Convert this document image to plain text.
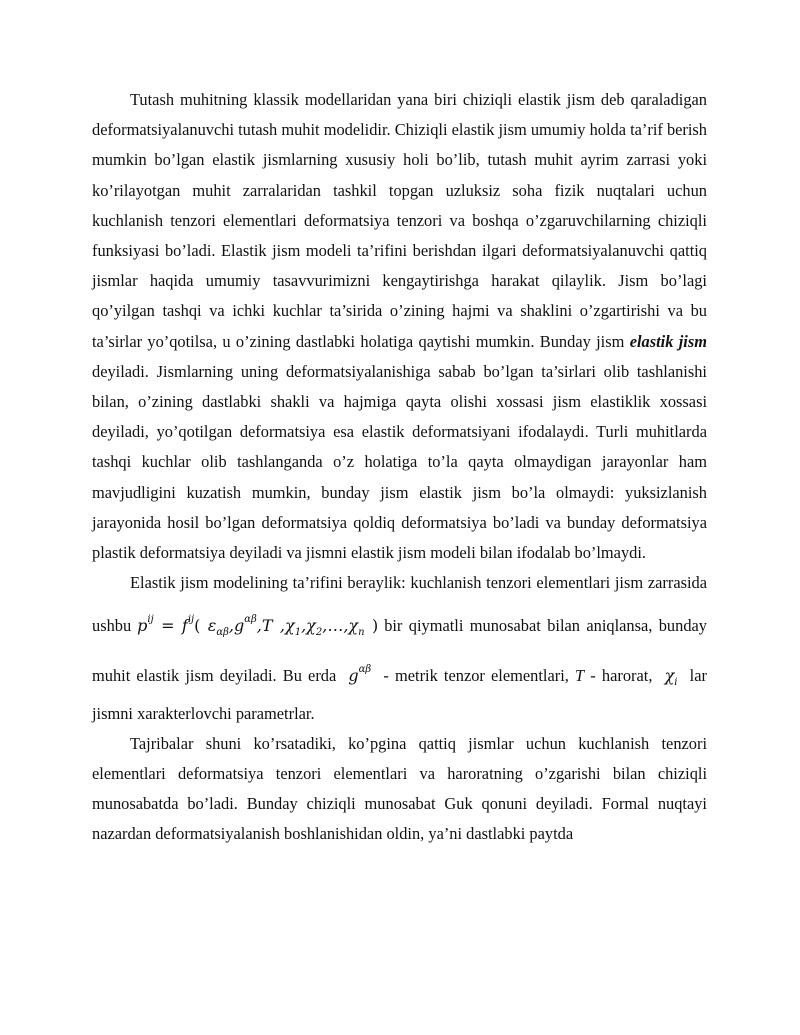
Tutash muhitning klassik modellaridan yana biri chiziqli elastik jism deb qaraladigan deformatsiyalanuvchi tutash muhit modelidir. Chiziqli elastik jism umumiy holda ta’rif berish mumkin bo’lgan elastik jismlarning xususiy holi bo’lib, tutash muhit ayrim zarrasi yoki ko’rilayotgan muhit zarralaridan tashkil topgan uzluksiz soha fizik nuqtalari uchun kuchlanish tenzori elementlari deformatsiya tenzori va boshqa o’zgaruvchilarning chiziqli funksiyasi bo’ladi. Elastik jism modeli ta’rifini berishdan ilgari deformatsiyalanuvchi qattiq jismlar haqida umumiy tasavvurimizni kengaytirishga harakat qilaylik. Jism bo’lagi qo’yilgan tashqi va ichki kuchlar ta’sirida o’zining hajmi va shaklini o’zgartirishi va bu ta’sirlar yo’qotilsa, u o’zining dastlabki holatiga qaytishi mumkin. Bunday jism elastik jism deyiladi. Jismlarning uning deformatsiyalanishiga sabab bo’lgan ta’sirlari olib tashlanishi bilan, o’zining dastlabki shakli va hajmiga qayta olishi xossasi jism elastiklik xossasi deyiladi, yo’qotilgan deformatsiya esa elastik deformatsiyani ifodalaydi. Turli muhitlarda tashqi kuchlar olib tashlanganda o’z holatiga to’la qayta olmaydigan jarayonlar ham mavjudligini kuzatish mumkin, bunday jism elastik jism bo’la olmaydi: yuksizlanish jarayonida hosil bo’lgan deformatsiya qoldiq deformatsiya bo’ladi va bunday deformatsiya plastik deformatsiya deyiladi va jismni elastik jism modeli bilan ifodalab bo’lmaydi.

Elastik jism modelining ta’rifini beraylik: kuchlanish tenzori elementlari jism zarrasida ushbu $p^{ij} = f^{ij}$( $\varepsilon_{\alpha\beta},g^{\alpha\beta},T$ $,\chi_1,\chi_2,\dots,\chi_n$ ) bir qiymatli munosabat bilan aniqlansa, bunday muhit elastik jism deyiladi. Bu erda $g^{\alpha\beta}$ - metrik tenzor elementlari, T - harorat, $\chi_i$ lar jismni xarakterlovchi parametrlar.

Tajribalar shuni ko’rsatadiki, ko’pgina qattiq jismlar uchun kuchlanish tenzori elementlari deformatsiya tenzori elementlari va haroratning o’zgarishi bilan chiziqli munosabatda bo’ladi. Bunday chiziqli munosabat Guk qonuni deyiladi. Formal nuqtayi nazardan deformatsiyalanish boshlanishidan oldin, ya’ni dastlabki paytda
